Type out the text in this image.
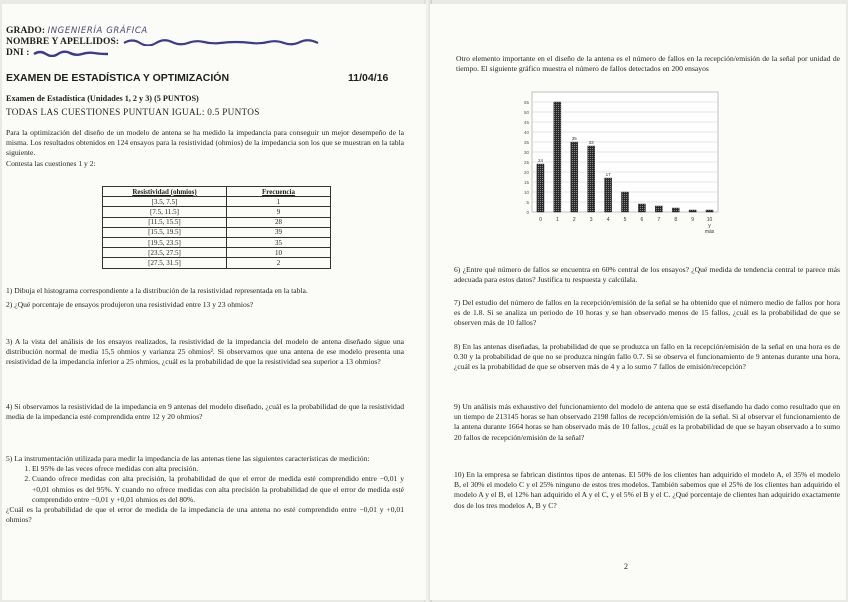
GRADO: INGENIERÍA GRÁFICA
NOMBRE Y APELLIDOS:
DNI :
EXAMEN DE ESTADÍSTICA Y OPTIMIZACIÓN	11/04/16
Examen de Estadística (Unidades 1, 2 y 3) (5 PUNTOS)
TODAS LAS CUESTIONES PUNTUAN IGUAL: 0.5 PUNTOS
Para la optimización del diseño de un modelo de antena se ha medido la impedancia para conseguir un mejor desempeño de la misma. Los resultados obtenidos en 124 ensayos para la resistividad (ohmios) de la impedancia son los que se muestran en la tabla siguiente.
Contesta las cuestiones 1 y 2:
Resistividad (ohmios)	Frecuencia
[3.5, 7.5]	1
[7.5, 11.5]	9
[11.5, 15.5]	28
[15.5, 19.5]	39
[19.5, 23.5]	35
[23.5, 27.5]	10
[27.5, 31.5]	2
1) Dibuja el histograma correspondiente a la distribución de la resistividad representada en la tabla.
2) ¿Qué porcentaje de ensayos produjeron una resistividad entre 13 y 23 ohmios?
3) A la vista del análisis de los ensayos realizados, la resistividad de la impedancia del modelo de antena diseñado sigue una distribución normal de media 15,5 ohmios y varianza 25 ohmios². Si observamos que una antena de ese modelo presenta una resistividad de la impedancia inferior a 25 ohmios, ¿cuál es la probabilidad de que la resistividad sea superior a 13 ohmios?
4) Si observamos la resistividad de la impedancia en 9 antenas del modelo diseñado, ¿cuál es la probabilidad de que la resistividad media de la impedancia esté comprendida entre 12 y 20 ohmios?
5) La instrumentación utilizada para medir la impedancia de las antenas tiene las siguientes características de medición:
1. El 95% de las veces ofrece medidas con alta precisión.
2. Cuando ofrece medidas con alta precisión, la probabilidad de que el error de medida esté comprendido entre −0,01 y +0,01 ohmios es del 95%. Y cuando no ofrece medidas con alta precisión la probabilidad de que el error de medida esté comprendido entre −0,01 y +0,01 ohmios es del 80%.
¿Cuál es la probabilidad de que el error de medida de la impedancia de una antena no esté comprendido entre −0,01 y +0,01 ohmios?
Otro elemento importante en el diseño de la antena es el número de fallos en la recepción/emisión de la señal por unidad de tiempo. El siguiente gráfico muestra el número de fallos detectados en 200 ensayos
0
5
10
15
20
25
30
35
40
45
50
55
24
0	1
35
2
33
3
17
4	5	6	7	8	9	10
y
más
6) ¿Entre qué número de fallos se encuentra en 60% central de los ensayos? ¿Qué medida de tendencia central te parece más adecuada para estos datos? Justifica tu respuesta y calcúlala.
7) Del estudio del número de fallos en la recepción/emisión de la señal se ha obtenido que el número medio de fallos por hora es de 1.8. Si se analiza un periodo de 10 horas y se han observado menos de 15 fallos, ¿cuál es la probabilidad de que se observen más de 10 fallos?
8) En las antenas diseñadas, la probabilidad de que se produzca un fallo en la recepción/emisión de la señal en una hora es de 0.30 y la probabilidad de que no se produzca ningún fallo 0.7. Si se observa el funcionamiento de 9 antenas durante una hora, ¿cuál es la probabilidad de que se observen más de 4 y a lo sumo 7 fallos de emisión/recepción?
9) Un análisis más exhaustivo del funcionamiento del modelo de antena que se está diseñando ha dado como resultado que en un tiempo de 213145 horas se han observado 2198 fallos de recepción/emisión de la señal. Si al observar el funcionamiento de la antena durante 1664 horas se han observado más de 10 fallos, ¿cuál es la probabilidad de que se hayan observado a lo sumo 20 fallos de recepción/emisión de la señal?
10) En la empresa se fabrican distintos tipos de antenas. El 50% de los clientes han adquirido el modelo A, el 35% el modelo B, el 30% el modelo C y el 25% ninguno de estos tres modelos. También sabemos que el 25% de los clientes han adquirido el modelo A y el B, el 12% han adquirido el A y el C, y el 5% el B y el C. ¿Qué porcentaje de clientes han adquirido exactamente dos de los tres modelos A, B y C?
2
